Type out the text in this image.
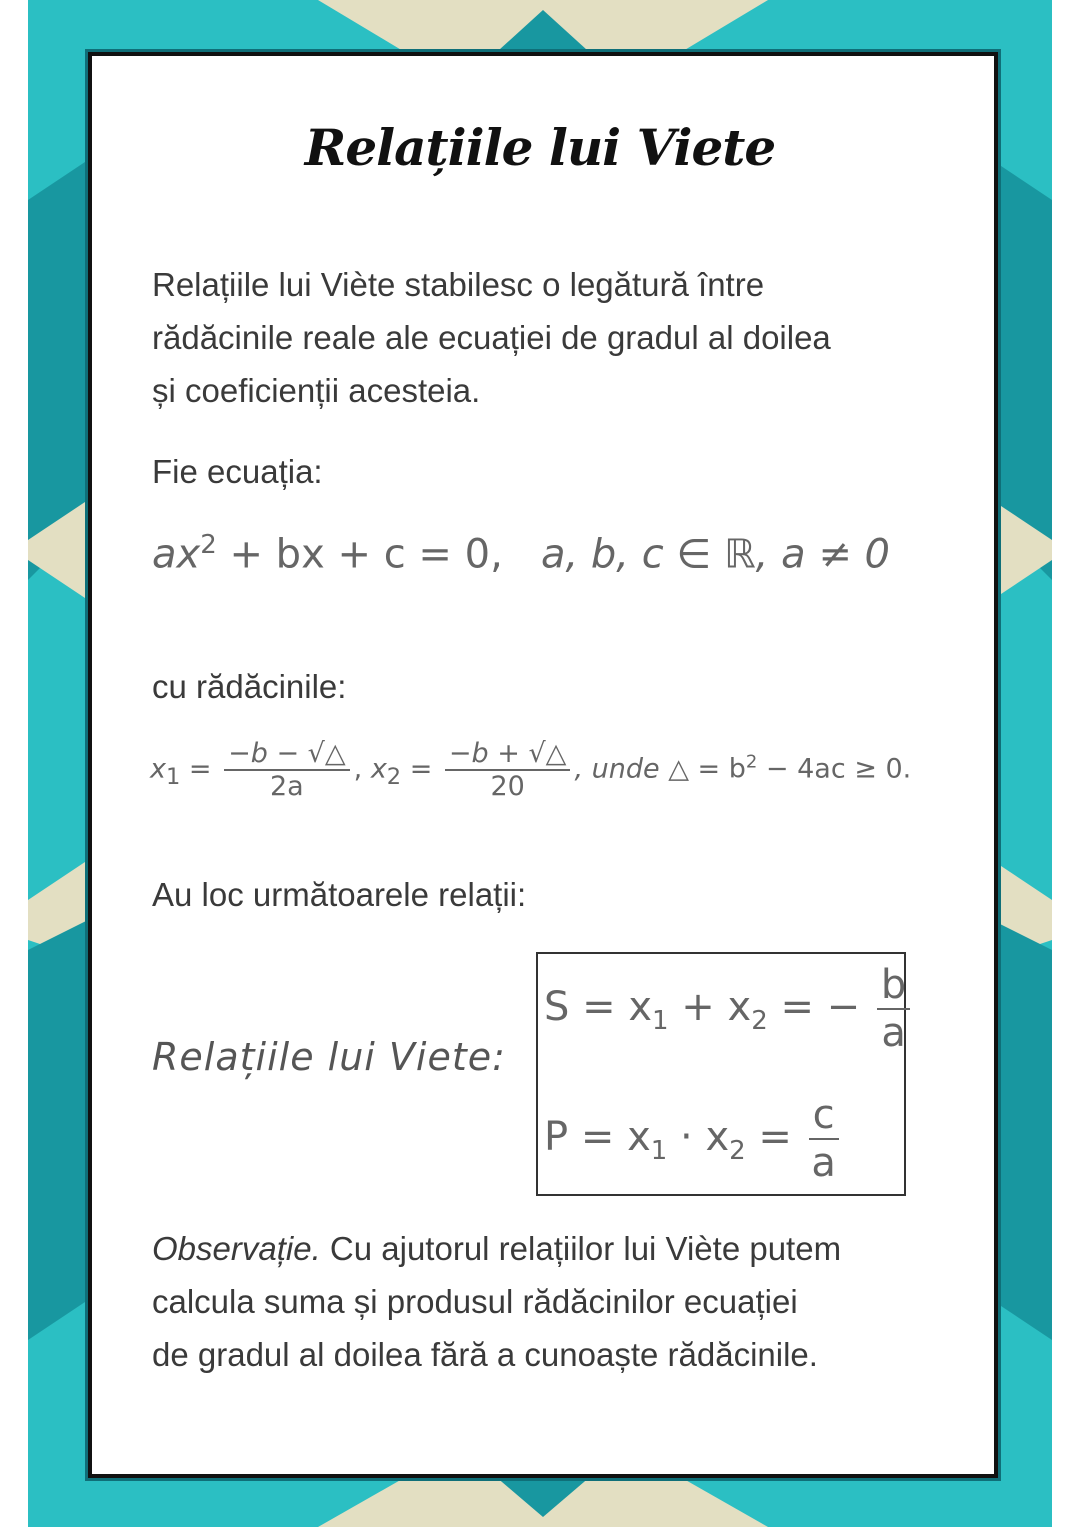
Relațiile lui Viete
Relațiile lui Viète stabilesc o legătură între
rădăcinile reale ale ecuației de gradul al doilea
și coeficienții acesteia.
Fie ecuația:
$ax^2$ + bx + c = 0, a, b, c ∈ ℝ, a ≠ 0
cu rădăcinile:
$x_1 = \frac{-b - √\triangle}{2a}$ , $x_2 = \frac{-b + √\triangle}{20}$ , unde △ = $b^2 - 4ac \ge 0$.
Au loc următoarele relații:
Relațiile lui Viete:
$S = x_1 + x_2$ = − $\frac{b}{a}$
$P = x_1 \cdot x_2 = \frac{c}{a}$
Observație. Cu ajutorul relațiilor lui Viète putem
calcula suma și produsul rădăcinilor ecuației
de gradul al doilea fără a cunoaște rădăcinile.
